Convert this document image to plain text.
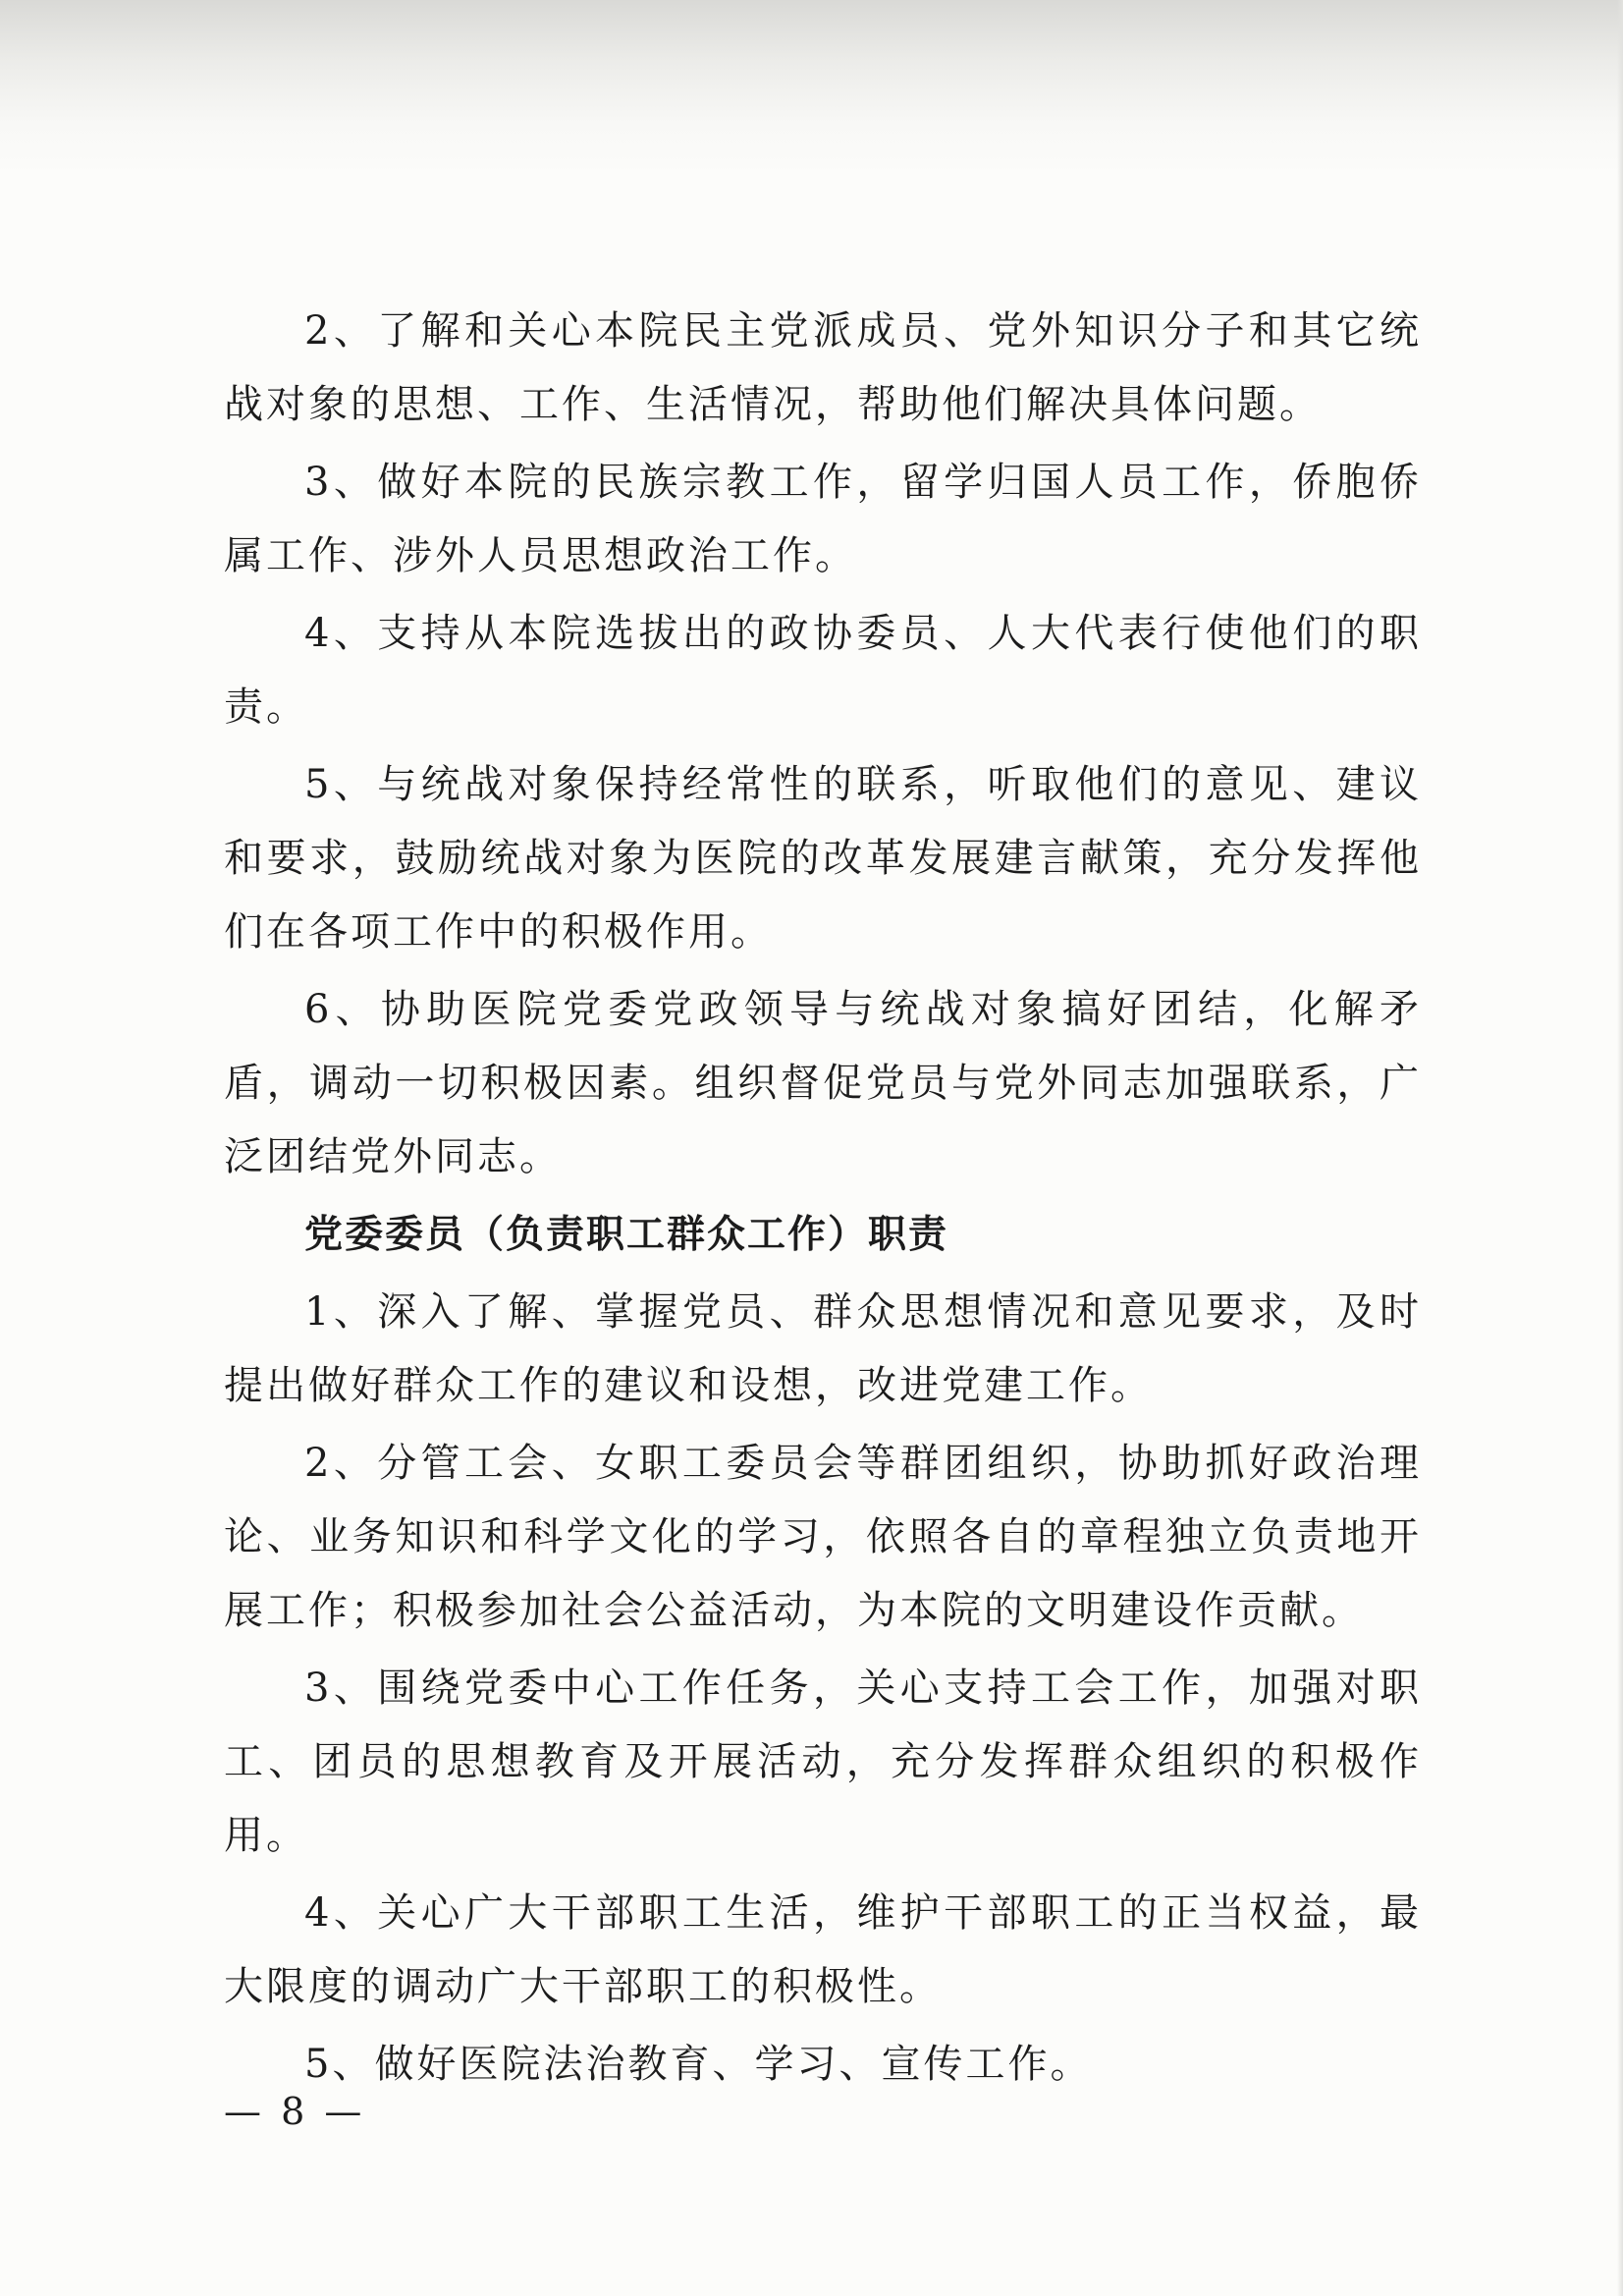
2、了解和关心本院民主党派成员、党外知识分子和其它统战对象的思想、工作、生活情况，帮助他们解决具体问题。

3、做好本院的民族宗教工作，留学归国人员工作，侨胞侨属工作、涉外人员思想政治工作。

4、支持从本院选拔出的政协委员、人大代表行使他们的职责。

5、与统战对象保持经常性的联系，听取他们的意见、建议和要求，鼓励统战对象为医院的改革发展建言献策，充分发挥他们在各项工作中的积极作用。

6、协助医院党委党政领导与统战对象搞好团结，化解矛盾，调动一切积极因素。组织督促党员与党外同志加强联系，广泛团结党外同志。

党委委员（负责职工群众工作）职责

1、深入了解、掌握党员、群众思想情况和意见要求，及时提出做好群众工作的建议和设想，改进党建工作。

2、分管工会、女职工委员会等群团组织，协助抓好政治理论、业务知识和科学文化的学习，依照各自的章程独立负责地开展工作；积极参加社会公益活动，为本院的文明建设作贡献。

3、围绕党委中心工作任务，关心支持工会工作，加强对职工、团员的思想教育及开展活动，充分发挥群众组织的积极作用。

4、关心广大干部职工生活，维护干部职工的正当权益，最大限度的调动广大干部职工的积极性。

5、做好医院法治教育、学习、宣传工作。

— 8 —
